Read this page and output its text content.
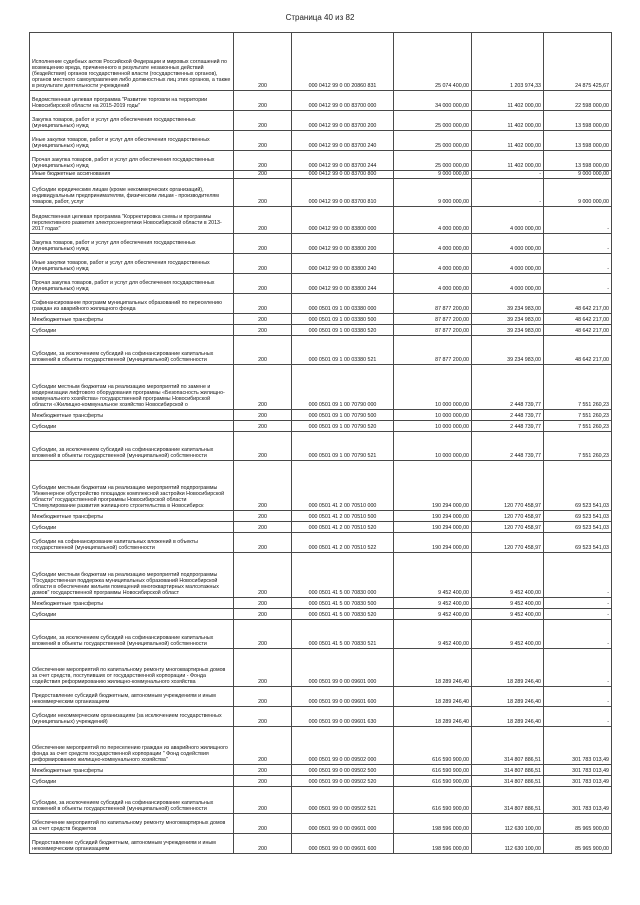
Страница 40 из 82
Исполнение судебных актов Российской Федерации и мировых соглашений по возмещению вреда, причиненного в результате незаконных действий (бездействия) органов государственной власти (государственных органов), органов местного самоуправления либо должностных лиц этих органов, а также в результате деятельности учреждений	200	000 0412 99 0 00 20860 831	25 074 400,00	1 203 974,33	24 875 425,67
Ведомственная целевая программа "Развитие торговли на территории Новосибирской области на 2015-2019 годы"	200	000 0412 99 0 00 83700 000	34 000 000,00	11 402 000,00	22 598 000,00
Закупка товаров, работ и услуг для обеспечения государственных (муниципальных) нужд	200	000 0412 99 0 00 83700 200	25 000 000,00	11 402 000,00	13 598 000,00
Иные закупки товаров, работ и услуг для обеспечения государственных (муниципальных) нужд	200	000 0412 99 0 00 83700 240	25 000 000,00	11 402 000,00	13 598 000,00
Прочая закупка товаров, работ и услуг для обеспечения государственных (муниципальных) нужд	200	000 0412 99 0 00 83700 244	25 000 000,00	11 402 000,00	13 598 000,00
Иные бюджетные ассигнования	200	000 0412 99 0 00 83700 800	9 000 000,00	-	9 000 000,00
Субсидии юридическим лицам (кроме некоммерческих организаций), индивидуальным предпринимателям, физическим лицам - производителям товаров, работ, услуг	200	000 0412 99 0 00 83700 810	9 000 000,00	-	9 000 000,00
Ведомственная целевая программа "Корректировка схемы и программы перспективного развития электроэнергетики Новосибирской области в 2013-2017 годах"	200	000 0412 99 0 00 83800 000	4 000 000,00	4 000 000,00	-
Закупка товаров, работ и услуг для обеспечения государственных (муниципальных) нужд	200	000 0412 99 0 00 83800 200	4 000 000,00	4 000 000,00	-
Иные закупки товаров, работ и услуг для обеспечения государственных (муниципальных) нужд	200	000 0412 99 0 00 83800 240	4 000 000,00	4 000 000,00	-
Прочая закупка товаров, работ и услуг для обеспечения государственных (муниципальных) нужд	200	000 0412 99 0 00 83800 244	4 000 000,00	4 000 000,00	-
Софинансирование программ муниципальных образований по переселению граждан из аварийного жилищного фонда	200	000 0501 09 1 00 03380 000	87 877 200,00	39 234 983,00	48 642 217,00
Межбюджетные трансферты	200	000 0501 09 1 00 03380 500	87 877 200,00	39 234 983,00	48 642 217,00
Субсидии	200	000 0501 09 1 00 03380 520	87 877 200,00	39 234 983,00	48 642 217,00
Субсидии, за исключением субсидий на софинансирование капитальных вложений в объекты государственной (муниципальной) собственности	200	000 0501 09 1 00 03380 521	87 877 200,00	39 234 983,00	48 642 217,00
Субсидии местным бюджетам на реализацию мероприятий по замене и модернизации лифтового оборудования программы «Безопасность жилищно-коммунального хозяйства» государственной программы Новосибирской области «Жилищно-коммунальное хозяйство Новосибирской о	200	000 0501 09 1 00 70790 000	10 000 000,00	2 448 739,77	7 551 260,23
Межбюджетные трансферты	200	000 0501 09 1 00 70790 500	10 000 000,00	2 448 739,77	7 551 260,23
Субсидии	200	000 0501 09 1 00 70790 520	10 000 000,00	2 448 739,77	7 551 260,23
Субсидии, за исключением субсидий на софинансирование капитальных вложений в объекты государственной (муниципальной) собственности	200	000 0501 09 1 00 70790 521	10 000 000,00	2 448 739,77	7 551 260,23
Субсидии местным бюджетам на реализацию мероприятий подпрограммы "Инженерное обустройство площадок комплексной застройки Новосибирской области" государственной программы Новосибирской области "Стимулирование развития жилищного строительства в Новосибирск	200	000 0501 41 2 00 70510 000	190 294 000,00	120 770 458,97	69 523 541,03
Межбюджетные трансферты	200	000 0501 41 2 00 70510 500	190 294 000,00	120 770 458,97	69 523 541,03
Субсидии	200	000 0501 41 2 00 70510 520	190 294 000,00	120 770 458,97	69 523 541,03
Субсидии на софинансирование капитальных вложений в объекты государственной (муниципальной) собственности	200	000 0501 41 2 00 70510 522	190 294 000,00	120 770 458,97	69 523 541,03
Субсидии местным бюджетам на реализацию мероприятий подпрограммы "Государственная поддержка муниципальных образований Новосибирской области в обеспечении жильем помещений многоквартирных малоэтажных домов" государственной программы Новосибирской област	200	000 0501 41 5 00 70830 000	9 452 400,00	9 452 400,00	-
Межбюджетные трансферты	200	000 0501 41 5 00 70830 500	9 452 400,00	9 452 400,00	-
Субсидии	200	000 0501 41 5 00 70830 520	9 452 400,00	9 452 400,00	-
Субсидии, за исключением субсидий на софинансирование капитальных вложений в объекты государственной (муниципальной) собственности	200	000 0501 41 5 00 70830 521	9 452 400,00	9 452 400,00	-
Обеспечение мероприятий по капитальному ремонту многоквартирных домов за счет средств, поступивших от государственной корпорации - Фонда содействия реформированию жилищно-коммунального хозяйства	200	000 0501 99 0 00 09601 000	18 289 246,40	18 289 246,40	-
Предоставление субсидий бюджетным, автономным учреждениям и иным некоммерческим организациям	200	000 0501 99 0 00 09601 600	18 289 246,40	18 289 246,40	-
Субсидии некоммерческим организациям (за исключением государственных (муниципальных) учреждений)	200	000 0501 99 0 00 09601 630	18 289 246,40	18 289 246,40	-
Обеспечение мероприятий по переселению граждан из аварийного жилищного фонда за счет средств государственной корпорации " Фонд содействия реформированию жилищно-коммунального хозяйства"	200	000 0501 99 0 00 09502 000	616 590 900,00	314 807 886,51	301 783 013,49
Межбюджетные трансферты	200	000 0501 99 0 00 09502 500	616 590 900,00	314 807 886,51	301 783 013,49
Субсидии	200	000 0501 99 0 00 09502 520	616 590 900,00	314 807 886,51	301 783 013,49
Субсидии, за исключением субсидий на софинансирование капитальных вложений в объекты государственной (муниципальной) собственности	200	000 0501 99 0 00 09502 521	616 590 900,00	314 807 886,51	301 783 013,49
Обеспечение мероприятий по капитальному ремонту многоквартирных домов за счет средств бюджетов	200	000 0501 99 0 00 09601 000	198 596 000,00	112 630 100,00	85 965 900,00
Предоставление субсидий бюджетным, автономным учреждениям и иным некоммерческим организациям	200	000 0501 99 0 00 09601 600	198 596 000,00	112 630 100,00	85 965 900,00
